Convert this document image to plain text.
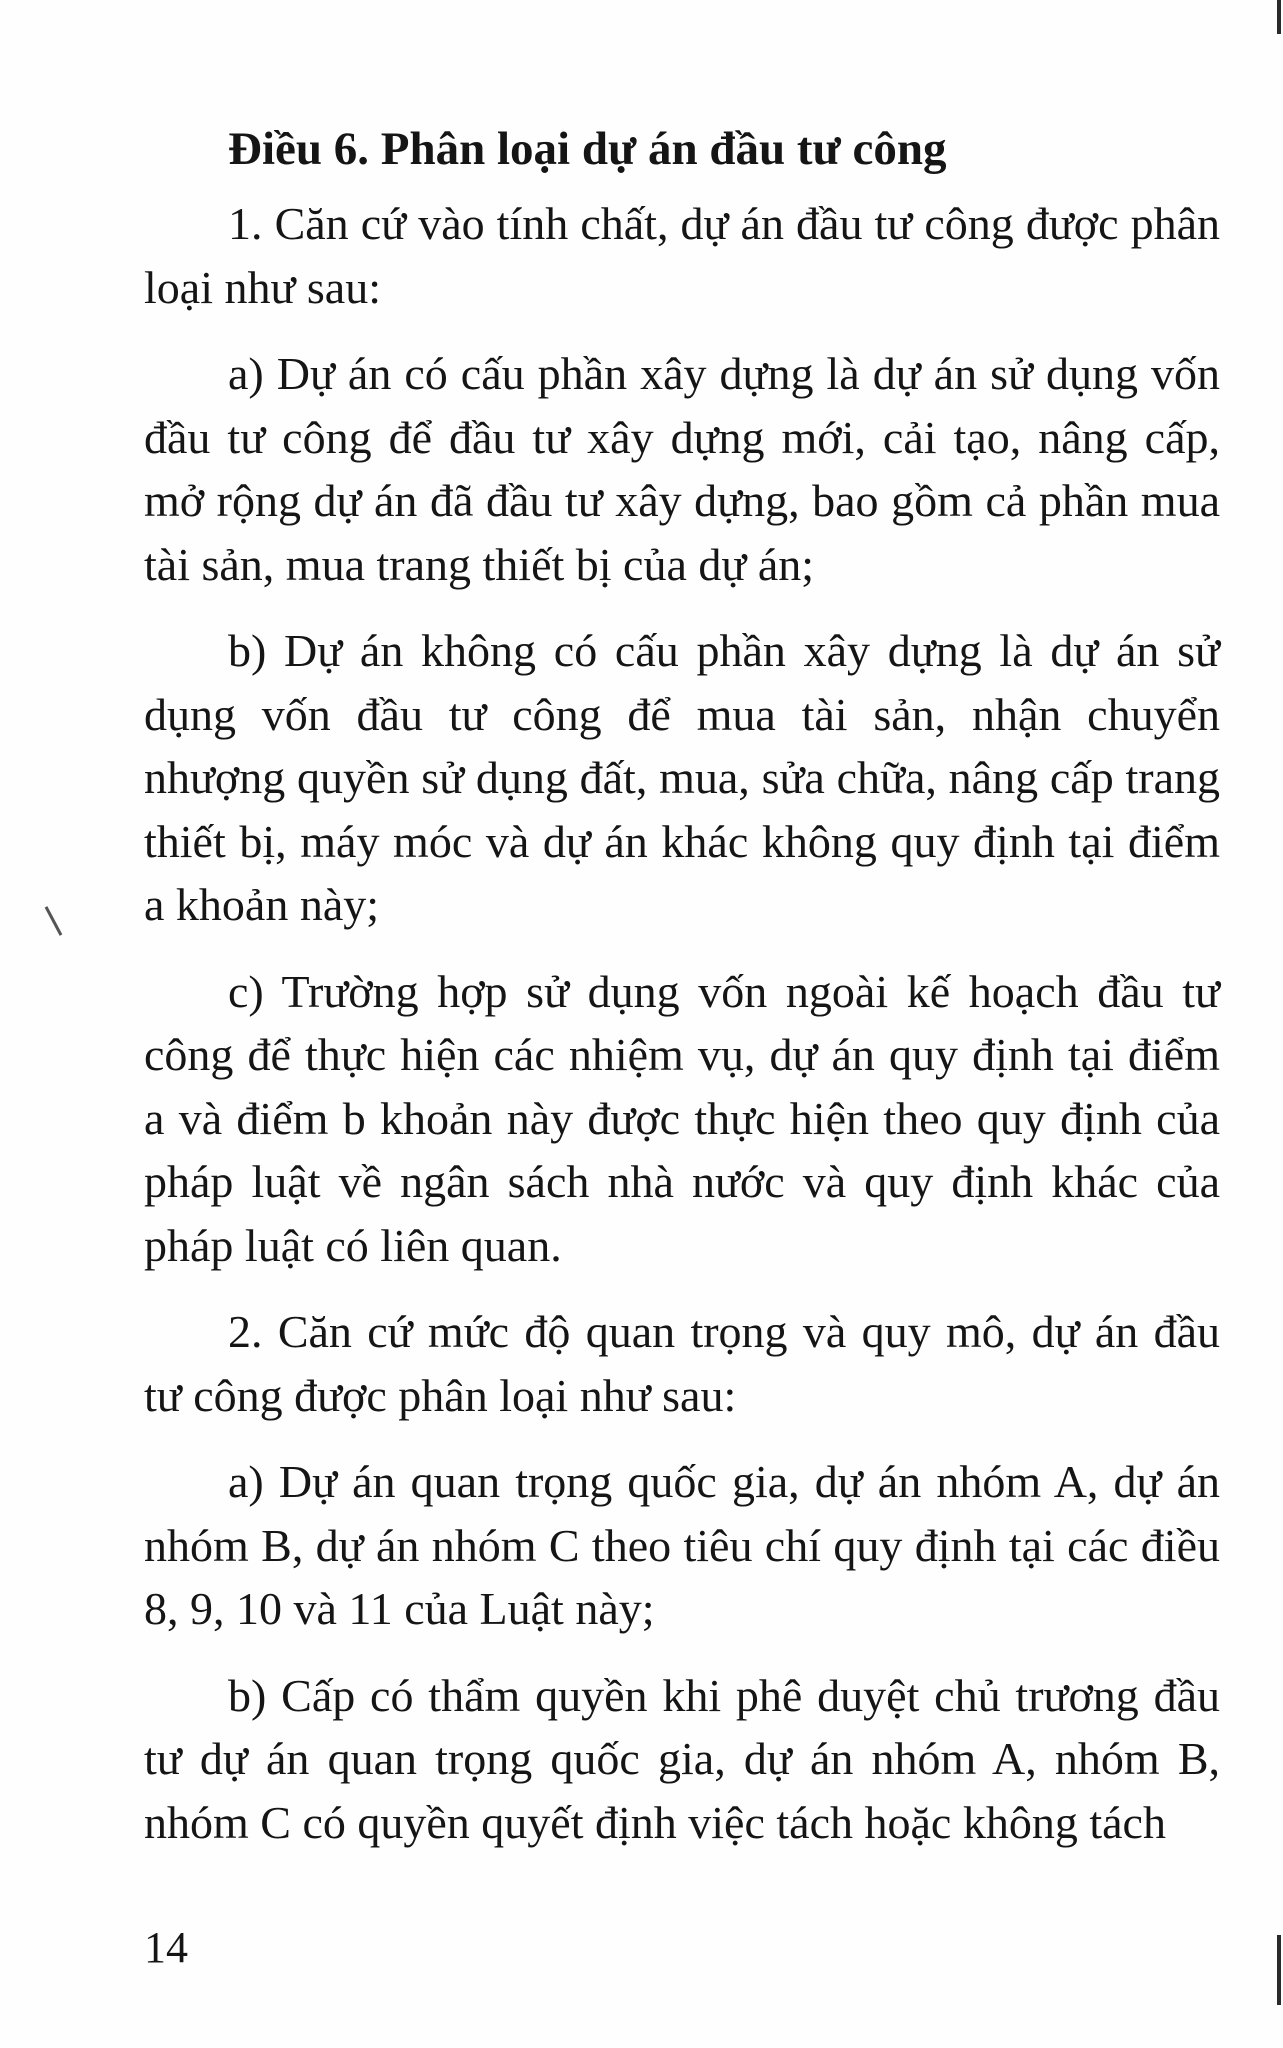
Điều 6. Phân loại dự án đầu tư công

1. Căn cứ vào tính chất, dự án đầu tư công được phân loại như sau:

a) Dự án có cấu phần xây dựng là dự án sử dụng vốn đầu tư công để đầu tư xây dựng mới, cải tạo, nâng cấp, mở rộng dự án đã đầu tư xây dựng, bao gồm cả phần mua tài sản, mua trang thiết bị của dự án;

b) Dự án không có cấu phần xây dựng là dự án sử dụng vốn đầu tư công để mua tài sản, nhận chuyển nhượng quyền sử dụng đất, mua, sửa chữa, nâng cấp trang thiết bị, máy móc và dự án khác không quy định tại điểm a khoản này;

c) Trường hợp sử dụng vốn ngoài kế hoạch đầu tư công để thực hiện các nhiệm vụ, dự án quy định tại điểm a và điểm b khoản này được thực hiện theo quy định của pháp luật về ngân sách nhà nước và quy định khác của pháp luật có liên quan.

2. Căn cứ mức độ quan trọng và quy mô, dự án đầu tư công được phân loại như sau:

a) Dự án quan trọng quốc gia, dự án nhóm A, dự án nhóm B, dự án nhóm C theo tiêu chí quy định tại các điều 8, 9, 10 và 11 của Luật này;

b) Cấp có thẩm quyền khi phê duyệt chủ trương đầu tư dự án quan trọng quốc gia, dự án nhóm A, nhóm B, nhóm C có quyền quyết định việc tách hoặc không tách

14
